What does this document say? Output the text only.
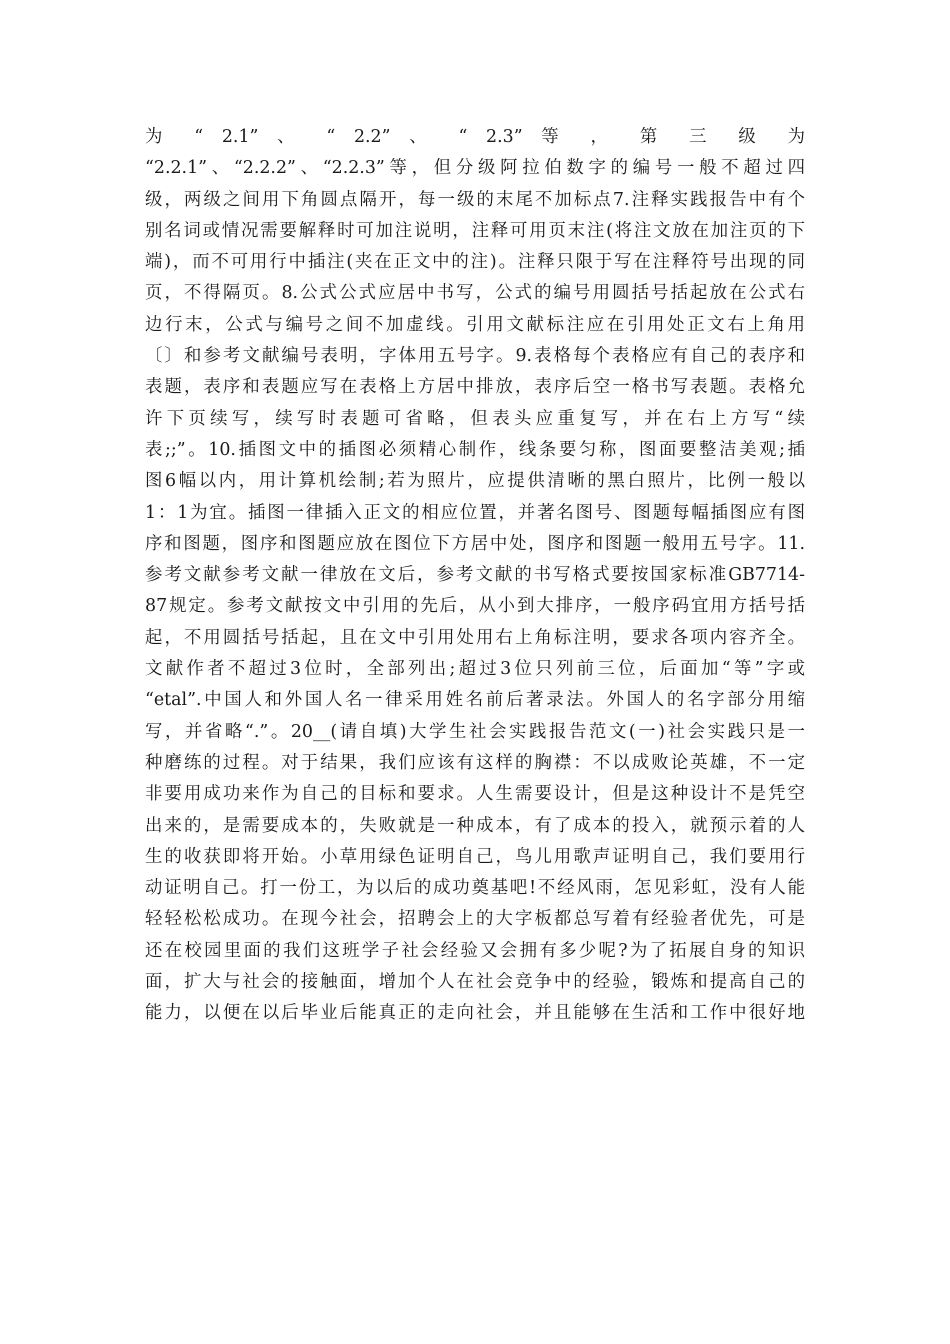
为 “ 2.1” 、 “ 2.2” 、 “ 2.3” 等 ， 第 三 级 为
“2.2.1”、“2.2.2”、“2.2.3”等，但分级阿拉伯数字的编号一般不超过四
级，两级之间用下角圆点隔开，每一级的末尾不加标点7.注释实践报告中有个
别名词或情况需要解释时可加注说明，注释可用页末注(将注文放在加注页的下
端)，而不可用行中插注(夹在正文中的注)。注释只限于写在注释符号出现的同
页，不得隔页。8.公式公式应居中书写，公式的编号用圆括号括起放在公式右
边行末，公式与编号之间不加虚线。引用文献标注应在引用处正文右上角用
〔〕和参考文献编号表明，字体用五号字。9.表格每个表格应有自己的表序和
表题，表序和表题应写在表格上方居中排放，表序后空一格书写表题。表格允
许下页续写，续写时表题可省略，但表头应重复写，并在右上方写“续
表;;”。10.插图文中的插图必须精心制作，线条要匀称，图面要整洁美观;插
图6幅以内，用计算机绘制;若为照片，应提供清晰的黑白照片，比例一般以
1：1为宜。插图一律插入正文的相应位置，并著名图号、图题每幅插图应有图
序和图题，图序和图题应放在图位下方居中处，图序和图题一般用五号字。11.
参考文献参考文献一律放在文后，参考文献的书写格式要按国家标准GB7714-
87规定。参考文献按文中引用的先后，从小到大排序，一般序码宜用方括号括
起，不用圆括号括起，且在文中引用处用右上角标注明，要求各项内容齐全。
文献作者不超过3位时，全部列出;超过3位只列前三位，后面加“等”字或
“etal”.中国人和外国人名一律采用姓名前后著录法。外国人的名字部分用缩
写，并省略“.”。20__(请自填)大学生社会实践报告范文(一)社会实践只是一
种磨练的过程。对于结果，我们应该有这样的胸襟：不以成败论英雄，不一定
非要用成功来作为自己的目标和要求。人生需要设计，但是这种设计不是凭空
出来的，是需要成本的，失败就是一种成本，有了成本的投入，就预示着的人
生的收获即将开始。小草用绿色证明自己，鸟儿用歌声证明自己，我们要用行
动证明自己。打一份工，为以后的成功奠基吧!不经风雨，怎见彩虹，没有人能
轻轻松松成功。在现今社会，招聘会上的大字板都总写着有经验者优先，可是
还在校园里面的我们这班学子社会经验又会拥有多少呢?为了拓展自身的知识
面，扩大与社会的接触面，增加个人在社会竞争中的经验，锻炼和提高自己的
能力，以便在以后毕业后能真正的走向社会，并且能够在生活和工作中很好地
